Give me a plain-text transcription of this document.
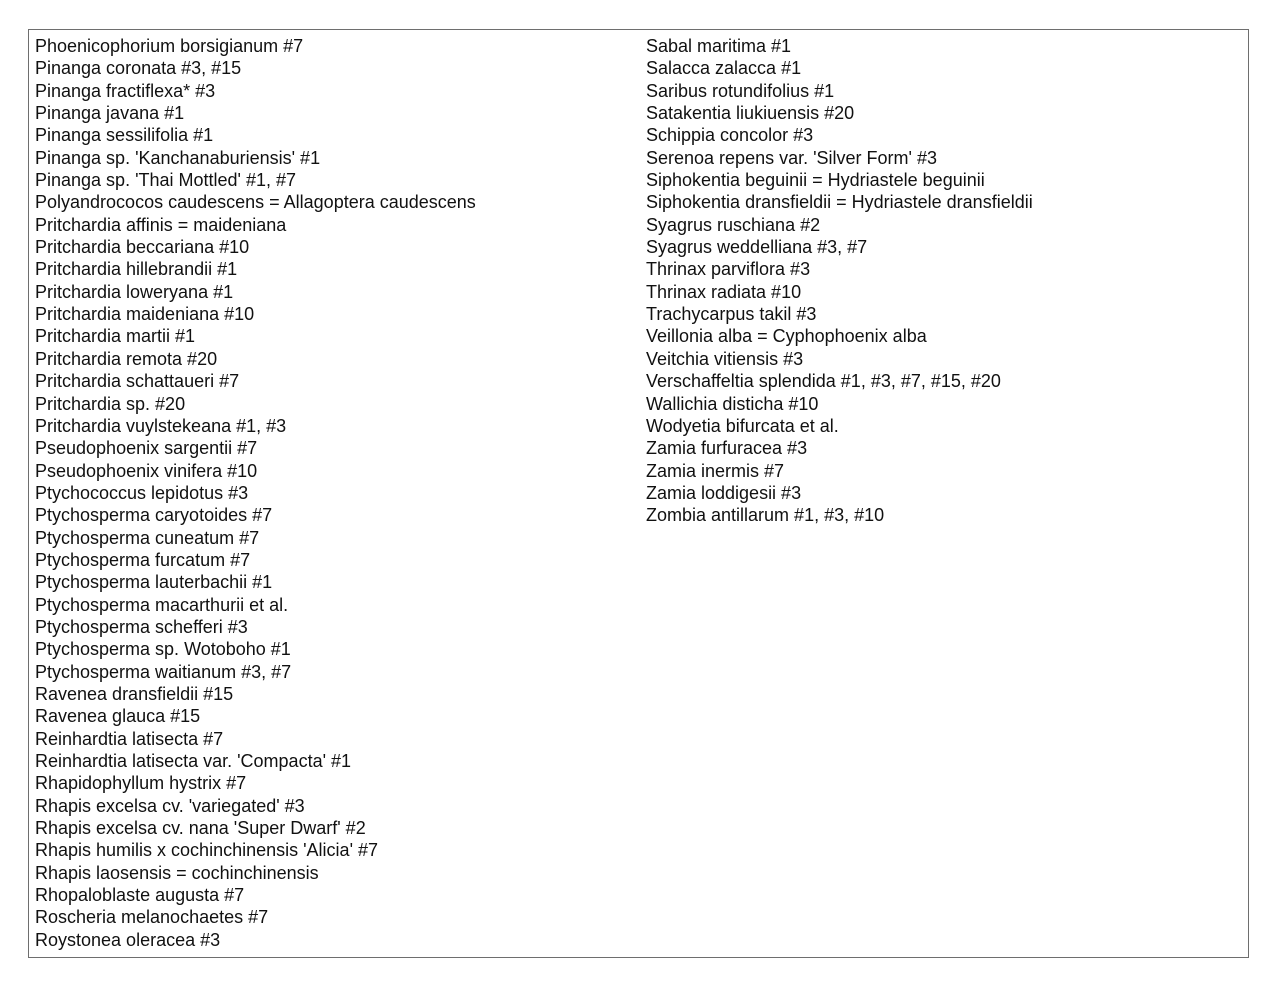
Phoenicophorium borsigianum #7
Pinanga coronata #3, #15
Pinanga fractiflexa* #3
Pinanga javana #1
Pinanga sessilifolia #1
Pinanga sp. 'Kanchanaburiensis' #1
Pinanga sp. 'Thai Mottled' #1, #7
Polyandrococos caudescens = Allagoptera caudescens
Pritchardia affinis = maideniana
Pritchardia beccariana #10
Pritchardia hillebrandii #1
Pritchardia loweryana #1
Pritchardia maideniana #10
Pritchardia martii #1
Pritchardia remota #20
Pritchardia schattaueri #7
Pritchardia sp. #20
Pritchardia vuylstekeana #1, #3
Pseudophoenix sargentii #7
Pseudophoenix vinifera #10
Ptychococcus lepidotus #3
Ptychosperma caryotoides #7
Ptychosperma cuneatum #7
Ptychosperma furcatum #7
Ptychosperma lauterbachii #1
Ptychosperma macarthurii et al.
Ptychosperma schefferi #3
Ptychosperma sp. Wotoboho #1
Ptychosperma waitianum #3, #7
Ravenea dransfieldii #15
Ravenea glauca #15
Reinhardtia latisecta #7
Reinhardtia latisecta var. 'Compacta' #1
Rhapidophyllum hystrix #7
Rhapis excelsa cv. 'variegated' #3
Rhapis excelsa cv. nana 'Super Dwarf' #2
Rhapis humilis x cochinchinensis 'Alicia' #7
Rhapis laosensis = cochinchinensis
Rhopaloblaste augusta #7
Roscheria melanochaetes #7
Roystonea oleracea #3
Sabal maritima #1
Salacca zalacca #1
Saribus rotundifolius #1
Satakentia liukiuensis #20
Schippia concolor #3
Serenoa repens var. 'Silver Form' #3
Siphokentia beguinii = Hydriastele beguinii
Siphokentia dransfieldii = Hydriastele dransfieldii
Syagrus ruschiana #2
Syagrus weddelliana #3, #7
Thrinax parviflora #3
Thrinax radiata #10
Trachycarpus takil #3
Veillonia alba = Cyphophoenix alba
Veitchia vitiensis #3
Verschaffeltia splendida #1, #3, #7, #15, #20
Wallichia disticha #10
Wodyetia bifurcata et al.
Zamia furfuracea #3
Zamia inermis #7
Zamia loddigesii #3
Zombia antillarum #1, #3, #10
